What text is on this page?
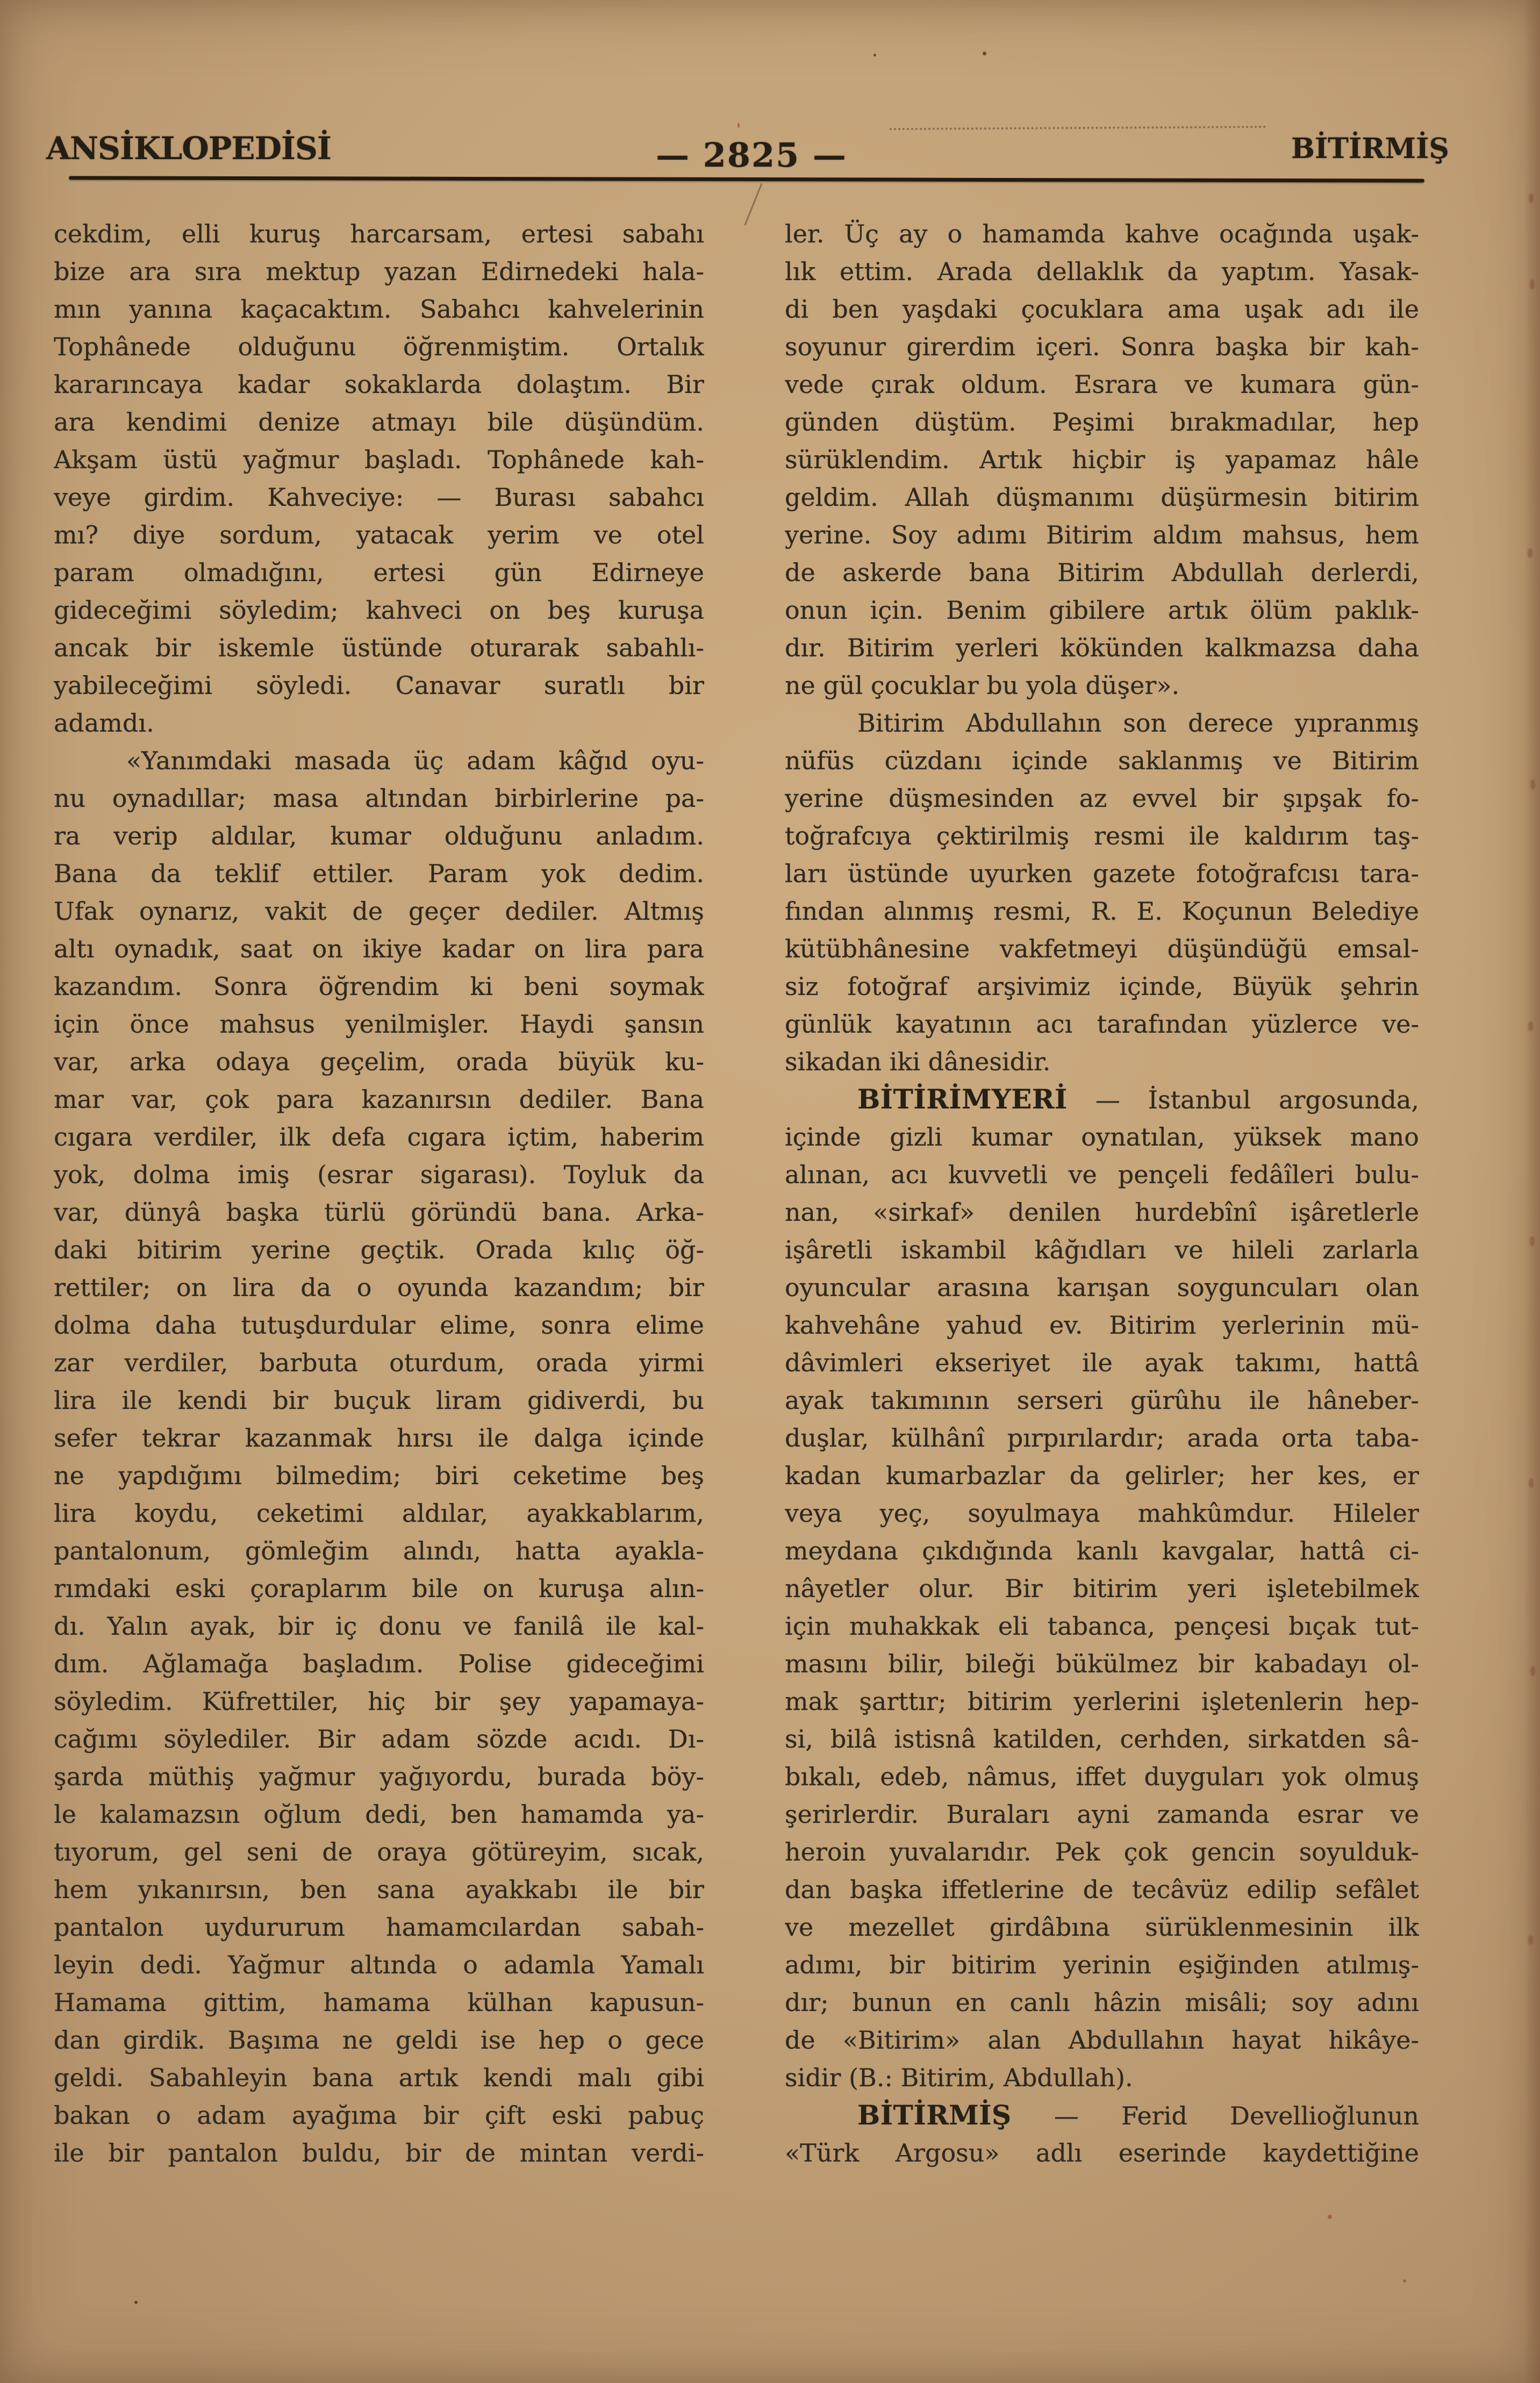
ANSİKLOPEDİSİ	— 2825 —	BİTİRMİŞ
cekdim, elli kuruş harcarsam, ertesi sabahı
bize ara sıra mektup yazan Edirnedeki hala-
mın yanına kaçacaktım. Sabahcı kahvelerinin
Tophânede olduğunu öğrenmiştim. Ortalık
kararıncaya kadar sokaklarda dolaştım. Bir
ara kendimi denize atmayı bile düşündüm.
Akşam üstü yağmur başladı. Tophânede kah-
veye girdim. Kahveciye: — Burası sabahcı
mı? diye sordum, yatacak yerim ve otel
param olmadığını, ertesi gün Edirneye
gideceğimi söyledim; kahveci on beş kuruşa
ancak bir iskemle üstünde oturarak sabahlı-
yabileceğimi söyledi. Canavar suratlı bir
adamdı.
«Yanımdaki masada üç adam kâğıd oyu-
nu oynadıllar; masa altından birbirlerine pa-
ra verip aldılar, kumar olduğunu anladım.
Bana da teklif ettiler. Param yok dedim.
Ufak oynarız, vakit de geçer dediler. Altmış
altı oynadık, saat on ikiye kadar on lira para
kazandım. Sonra öğrendim ki beni soymak
için önce mahsus yenilmişler. Haydi şansın
var, arka odaya geçelim, orada büyük ku-
mar var, çok para kazanırsın dediler. Bana
cıgara verdiler, ilk defa cıgara içtim, haberim
yok, dolma imiş (esrar sigarası). Toyluk da
var, dünyâ başka türlü göründü bana. Arka-
daki bitirim yerine geçtik. Orada kılıç öğ-
rettiler; on lira da o oyunda kazandım; bir
dolma daha tutuşdurdular elime, sonra elime
zar verdiler, barbuta oturdum, orada yirmi
lira ile kendi bir buçuk liram gidiverdi, bu
sefer tekrar kazanmak hırsı ile dalga içinde
ne yapdığımı bilmedim; biri ceketime beş
lira koydu, ceketimi aldılar, ayakkablarım,
pantalonum, gömleğim alındı, hatta ayakla-
rımdaki eski çoraplarım bile on kuruşa alın-
dı. Yalın ayak, bir iç donu ve fanilâ ile kal-
dım. Ağlamağa başladım. Polise gideceğimi
söyledim. Küfrettiler, hiç bir şey yapamaya-
cağımı söylediler. Bir adam sözde acıdı. Dı-
şarda müthiş yağmur yağıyordu, burada böy-
le kalamazsın oğlum dedi, ben hamamda ya-
tıyorum, gel seni de oraya götüreyim, sıcak,
hem yıkanırsın, ben sana ayakkabı ile bir
pantalon uydururum hamamcılardan sabah-
leyin dedi. Yağmur altında o adamla Yamalı
Hamama gittim, hamama külhan kapusun-
dan girdik. Başıma ne geldi ise hep o gece
geldi. Sabahleyin bana artık kendi malı gibi
bakan o adam ayağıma bir çift eski pabuç
ile bir pantalon buldu, bir de mintan verdi-
ler. Üç ay o hamamda kahve ocağında uşak-
lık ettim. Arada dellaklık da yaptım. Yasak-
di ben yaşdaki çocuklara ama uşak adı ile
soyunur girerdim içeri. Sonra başka bir kah-
vede çırak oldum. Esrara ve kumara gün-
günden düştüm. Peşimi bırakmadılar, hep
sürüklendim. Artık hiçbir iş yapamaz hâle
geldim. Allah düşmanımı düşürmesin bitirim
yerine. Soy adımı Bitirim aldım mahsus, hem
de askerde bana Bitirim Abdullah derlerdi,
onun için. Benim gibilere artık ölüm paklık-
dır. Bitirim yerleri kökünden kalkmazsa daha
ne gül çocuklar bu yola düşer».
Bitirim Abdullahın son derece yıpranmış
nüfüs cüzdanı içinde saklanmış ve Bitirim
yerine düşmesinden az evvel bir şıpşak fo-
toğrafcıya çektirilmiş resmi ile kaldırım taş-
ları üstünde uyurken gazete fotoğrafcısı tara-
fından alınmış resmi, R. E. Koçunun Belediye
kütübhânesine vakfetmeyi düşündüğü emsal-
siz fotoğraf arşivimiz içinde, Büyük şehrin
günlük kayatının acı tarafından yüzlerce ve-
sikadan iki dânesidir.
BİTİRİMYERİ — İstanbul argosunda,
içinde gizli kumar oynatılan, yüksek mano
alınan, acı kuvvetli ve pençeli fedâîleri bulu-
nan, «sirkaf» denilen hurdebînî işâretlerle
işâretli iskambil kâğıdları ve hileli zarlarla
oyuncular arasına karışan soyguncuları olan
kahvehâne yahud ev. Bitirim yerlerinin mü-
dâvimleri ekseriyet ile ayak takımı, hattâ
ayak takımının serseri gürûhu ile hâneber-
duşlar, külhânî pırpırılardır; arada orta taba-
kadan kumarbazlar da gelirler; her kes, er
veya yeç, soyulmaya mahkûmdur. Hileler
meydana çıkdığında kanlı kavgalar, hattâ ci-
nâyetler olur. Bir bitirim yeri işletebilmek
için muhakkak eli tabanca, pençesi bıçak tut-
masını bilir, bileği bükülmez bir kabadayı ol-
mak şarttır; bitirim yerlerini işletenlerin hep-
si, bilâ istisnâ katilden, cerhden, sirkatden sâ-
bıkalı, edeb, nâmus, iffet duyguları yok olmuş
şerirlerdir. Buraları ayni zamanda esrar ve
heroin yuvalarıdır. Pek çok gencin soyulduk-
dan başka iffetlerine de tecâvüz edilip sefâlet
ve mezellet girdâbına sürüklenmesinin ilk
adımı, bir bitirim yerinin eşiğinden atılmış-
dır; bunun en canlı hâzin misâli; soy adını
de «Bitirim» alan Abdullahın hayat hikâye-
sidir (B.: Bitirim, Abdullah).
BİTİRMİŞ — Ferid Devellioğlunun
«Türk Argosu» adlı eserinde kaydettiğine
